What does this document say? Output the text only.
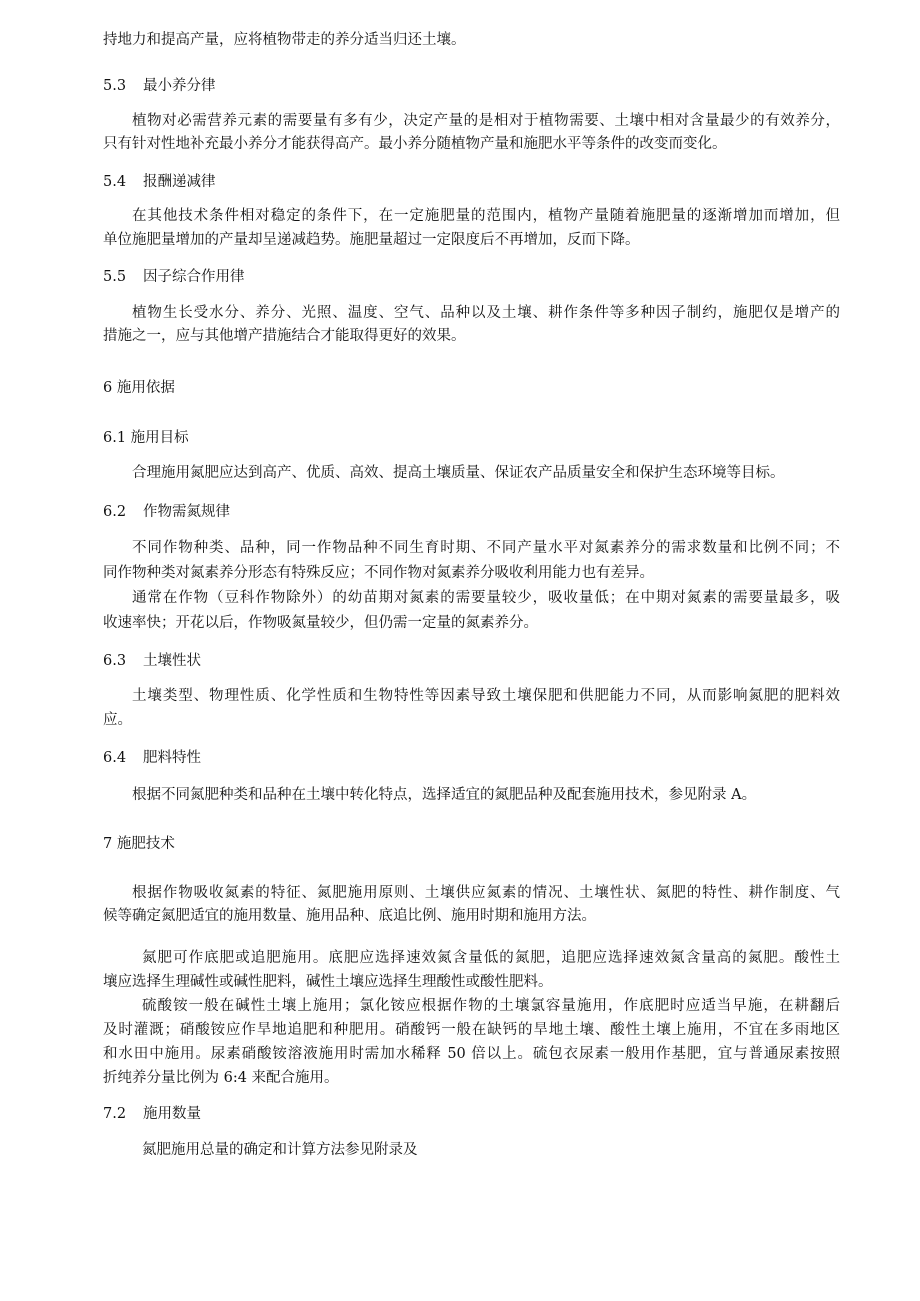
持地力和提高产量，应将植物带走的养分适当归还土壤。
5.3 最小养分律
植物对必需营养元素的需要量有多有少，决定产量的是相对于植物需要、土壤中相对含量最少的有效养分，
只有针对性地补充最小养分才能获得高产。最小养分随植物产量和施肥水平等条件的改变而变化。
5.4 报酬递减律
在其他技术条件相对稳定的条件下，在一定施肥量的范围内，植物产量随着施肥量的逐渐增加而增加，但
单位施肥量增加的产量却呈递减趋势。施肥量超过一定限度后不再增加，反而下降。
5.5 因子综合作用律
植物生长受水分、养分、光照、温度、空气、品种以及土壤、耕作条件等多种因子制约，施肥仅是增产的
措施之一，应与其他增产措施结合才能取得更好的效果。
6 施用依据
6.1 施用目标
合理施用氮肥应达到高产、优质、高效、提高土壤质量、保证农产品质量安全和保护生态环境等目标。
6.2 作物需氮规律
不同作物种类、品种，同一作物品种不同生育时期、不同产量水平对氮素养分的需求数量和比例不同；不
同作物种类对氮素养分形态有特殊反应；不同作物对氮素养分吸收利用能力也有差异。
通常在作物（豆科作物除外）的幼苗期对氮素的需要量较少，吸收量低；在中期对氮素的需要量最多，吸
收速率快；开花以后，作物吸氮量较少，但仍需一定量的氮素养分。
6.3 土壤性状
土壤类型、物理性质、化学性质和生物特性等因素导致土壤保肥和供肥能力不同，从而影响氮肥的肥料效
应。
6.4 肥料特性
根据不同氮肥种类和品种在土壤中转化特点，选择适宜的氮肥品种及配套施用技术，参见附录 A。
7 施肥技术
根据作物吸收氮素的特征、氮肥施用原则、土壤供应氮素的情况、土壤性状、氮肥的特性、耕作制度、气
候等确定氮肥适宜的施用数量、施用品种、底追比例、施用时期和施用方法。
氮肥可作底肥或追肥施用。底肥应选择速效氮含量低的氮肥，追肥应选择速效氮含量高的氮肥。酸性土
壤应选择生理碱性或碱性肥料，碱性土壤应选择生理酸性或酸性肥料。
硫酸铵一般在碱性土壤上施用；氯化铵应根据作物的土壤氯容量施用，作底肥时应适当早施，在耕翻后
及时灌溉；硝酸铵应作旱地追肥和种肥用。硝酸钙一般在缺钙的旱地土壤、酸性土壤上施用，不宜在多雨地区
和水田中施用。尿素硝酸铵溶液施用时需加水稀释 50 倍以上。硫包衣尿素一般用作基肥，宜与普通尿素按照
折纯养分量比例为 6:4 来配合施用。
7.2 施用数量
氮肥施用总量的确定和计算方法参见附录及
